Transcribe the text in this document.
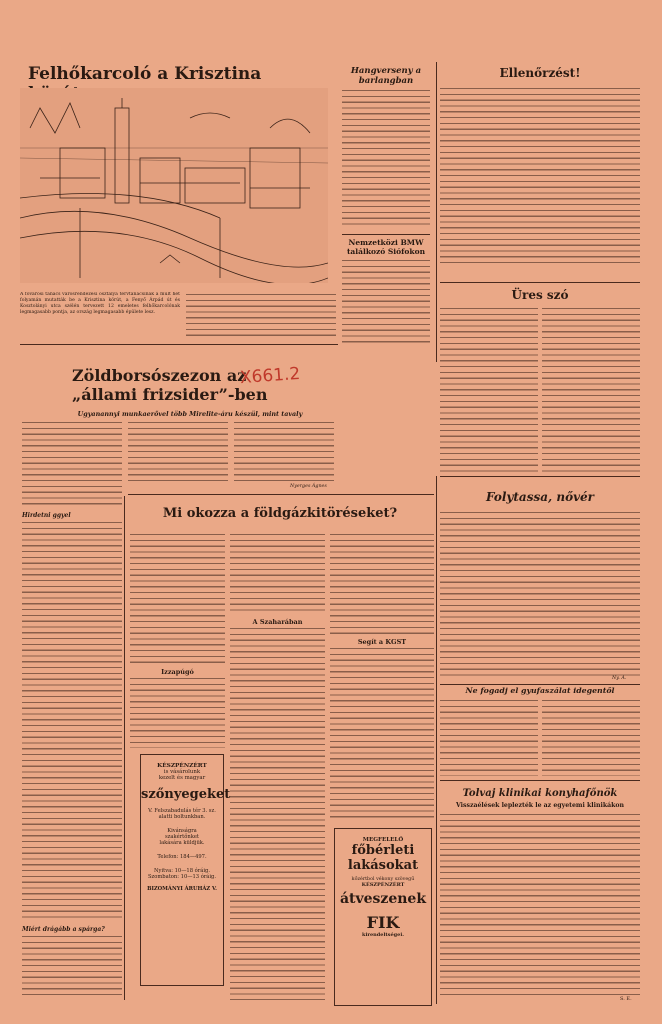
Felhőkarcoló a Krisztina
A fővárosi tanács városrendezési osztálya tervtanácsinak a múlt hét folyamán mutatták be a Krisztina körút, a Fenyő Árpád út és Kosztolányi utca szélén tervezett 12 emeletes felhőkarcolónak legmagasabb pontja, az ország legmagasabb épülete lesz.
Hangverseny a barlangban
Nemzetközi BMW találkozó Siófokon
Ellenőrzést!
Üres szó
Zöldborsószezon az „állami frizsider”-ben
X661.2
Ugyanannyi munkaerővel több Mirelite-áru készül, mint tavaly
Nyerges Ágnes
Hirdetni ggyel
Miért drágább a spárga?
Mi okozza a földgázkitöréseket?
Izzapúgó
A Szaharában
Segít a KGST
KÉSZPÉNZÉRT
is vásárolunk
kezelt és magyar
szőnyegeket
V. Felszabadulás tér 3. sz.
alatti boltunkban.
Kivánságra
szakértőnket
lakására küldjük.
Telefon: 184—497.
Nyitva: 10—18 óráig.
Szombaton: 10—13 óráig.
BIZOMÁNYI ÁRUHÁZ V.
MEGFELELŐ
főbérleti
lakásokat
kőzértbol vékony szövegű
KÉSZPÉNZÉRT
átveszenek
FIK
kirendeltségei.
Folytassa, nővér
Ny. A.
Ne fogadj el gyufaszálat idegentől
Tolvaj klinikai konyhafőnök
Visszaélések leplezték le az egyetemi klinikákon
S. E.
